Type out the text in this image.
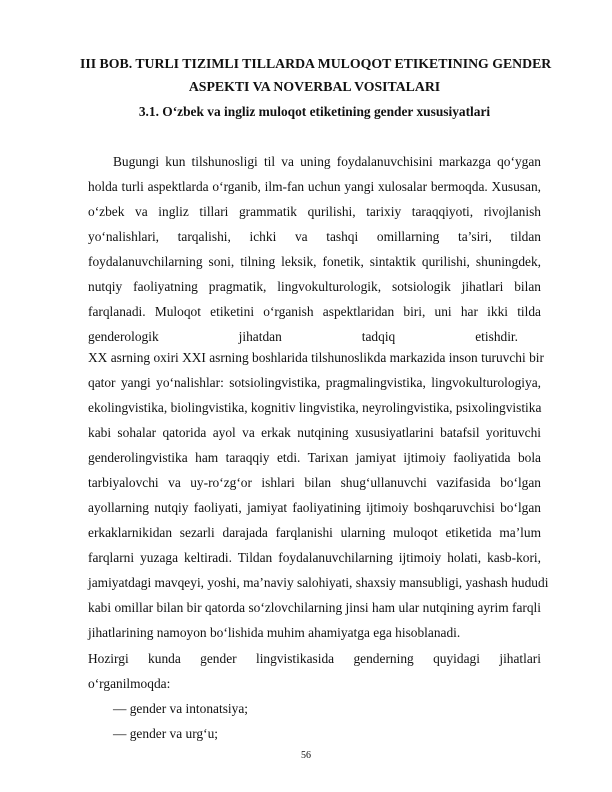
III BOB. TURLI TIZIMLI TILLARDA MULOQOT ETIKETINING GENDER
ASPEKTI VA NOVERBAL VOSITALARI
3.1. O‘zbek va ingliz muloqot etiketining gender xususiyatlari
Bugungi kun tilshunosligi til va uning foydalanuvchisini markazga qo‘ygan
holda turli aspektlarda o‘rganib, ilm-fan uchun yangi xulosalar bermoqda. Xususan,
o‘zbek va ingliz tillari grammatik qurilishi, tarixiy taraqqiyoti, rivojlanish
yo‘nalishlari, tarqalishi, ichki va tashqi omillarning ta’siri, tildan
foydalanuvchilarning soni, tilning leksik, fonetik, sintaktik qurilishi, shuningdek,
nutqiy faoliyatning pragmatik, lingvokulturologik, sotsiologik jihatlari bilan
farqlanadi. Muloqot etiketini o‘rganish aspektlaridan biri, uni har ikki tilda
genderologik jihatdan tadqiq etishdir.
XX asrning oxiri XXI asrning boshlarida tilshunoslikda markazida inson turuvchi bir
qator yangi yo‘nalishlar: sotsiolingvistika, pragmalingvistika, lingvokulturologiya,
ekolingvistika, biolingvistika, kognitiv lingvistika, neyrolingvistika, psixolingvistika
kabi sohalar qatorida ayol va erkak nutqining xususiyatlarini batafsil yorituvchi
genderolingvistika ham taraqqiy etdi. Tarixan jamiyat ijtimoiy faoliyatida bola
tarbiyalovchi va uy-ro‘zg‘or ishlari bilan shug‘ullanuvchi vazifasida bo‘lgan
ayollarning nutqiy faoliyati, jamiyat faoliyatining ijtimoiy boshqaruvchisi bo‘lgan
erkaklarnikidan sezarli darajada farqlanishi ularning muloqot etiketida ma’lum
farqlarni yuzaga keltiradi. Tildan foydalanuvchilarning ijtimoiy holati, kasb-kori,
jamiyatdagi mavqeyi, yoshi, ma’naviy salohiyati, shaxsiy mansubligi, yashash hududi
kabi omillar bilan bir qatorda so‘zlovchilarning jinsi ham ular nutqining ayrim farqli
jihatlarining namoyon bo‘lishida muhim ahamiyatga ega hisoblanadi.
Hozirgi kunda gender lingvistikasida genderning quyidagi jihatlari
o‘rganilmoqda:
— gender va intonatsiya;
— gender va urg‘u;
56
